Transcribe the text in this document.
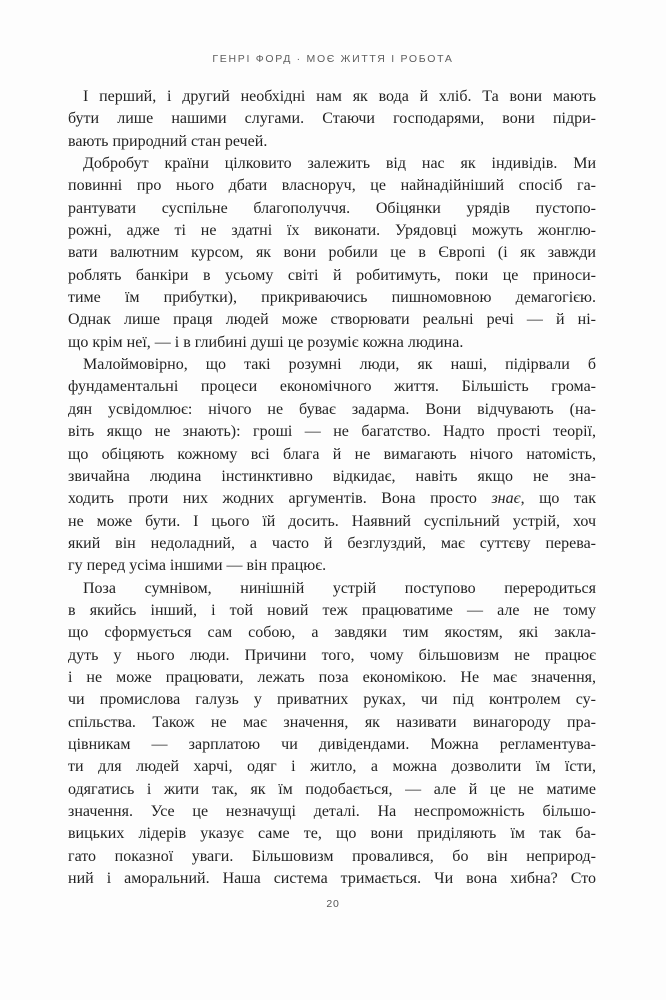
ГЕНРІ ФОРД · МОЄ ЖИТТЯ І РОБОТА
І перший, і другий необхідні нам як вода й хліб. Та вони мають
бути лише нашими слугами. Стаючи господарями, вони підри-
вають природний стан речей.
Добробут країни цілковито залежить від нас як індивідів. Ми
повинні про нього дбати власноруч, це найнадійніший спосіб га-
рантувати суспільне благополуччя. Обіцянки урядів пустопо-
рожні, адже ті не здатні їх виконати. Урядовці можуть жонглю-
вати валютним курсом, як вони робили це в Європі (і як завжди
роблять банкіри в усьому світі й робитимуть, поки це приноси-
тиме їм прибутки), прикриваючись пишномовною демагогією.
Однак лише праця людей може створювати реальні речі — й ні-
що крім неї, — і в глибині душі це розуміє кожна людина.
Малоймовірно, що такі розумні люди, як наші, підірвали б
фундаментальні процеси економічного життя. Більшість грома-
дян усвідомлює: нічого не буває задарма. Вони відчувають (на-
віть якщо не знають): гроші — не багатство. Надто прості теорії,
що обіцяють кожному всі блага й не вимагають нічого натомість,
звичайна людина інстинктивно відкидає, навіть якщо не зна-
ходить проти них жодних аргументів. Вона просто знає, що так
не може бути. І цього їй досить. Наявний суспільний устрій, хоч
який він недоладний, а часто й безглуздий, має суттєву перева-
гу перед усіма іншими — він працює.
Поза сумнівом, нинішній устрій поступово переродиться
в якийсь інший, і той новий теж працюватиме — але не тому
що сформується сам собою, а завдяки тим якостям, які закла-
дуть у нього люди. Причини того, чому більшовизм не працює
і не може працювати, лежать поза економікою. Не має значення,
чи промислова галузь у приватних руках, чи під контролем су-
спільства. Також не має значення, як називати винагороду пра-
цівникам — зарплатою чи дивідендами. Можна регламентува-
ти для людей харчі, одяг і житло, а можна дозволити їм їсти,
одягатись і жити так, як їм подобається, — але й це не матиме
значення. Усе це незначущі деталі. На неспроможність більшо-
вицьких лідерів указує саме те, що вони приділяють їм так ба-
гато показної уваги. Більшовизм провалився, бо він неприрод-
ний і аморальний. Наша система тримається. Чи вона хибна? Сто
20
